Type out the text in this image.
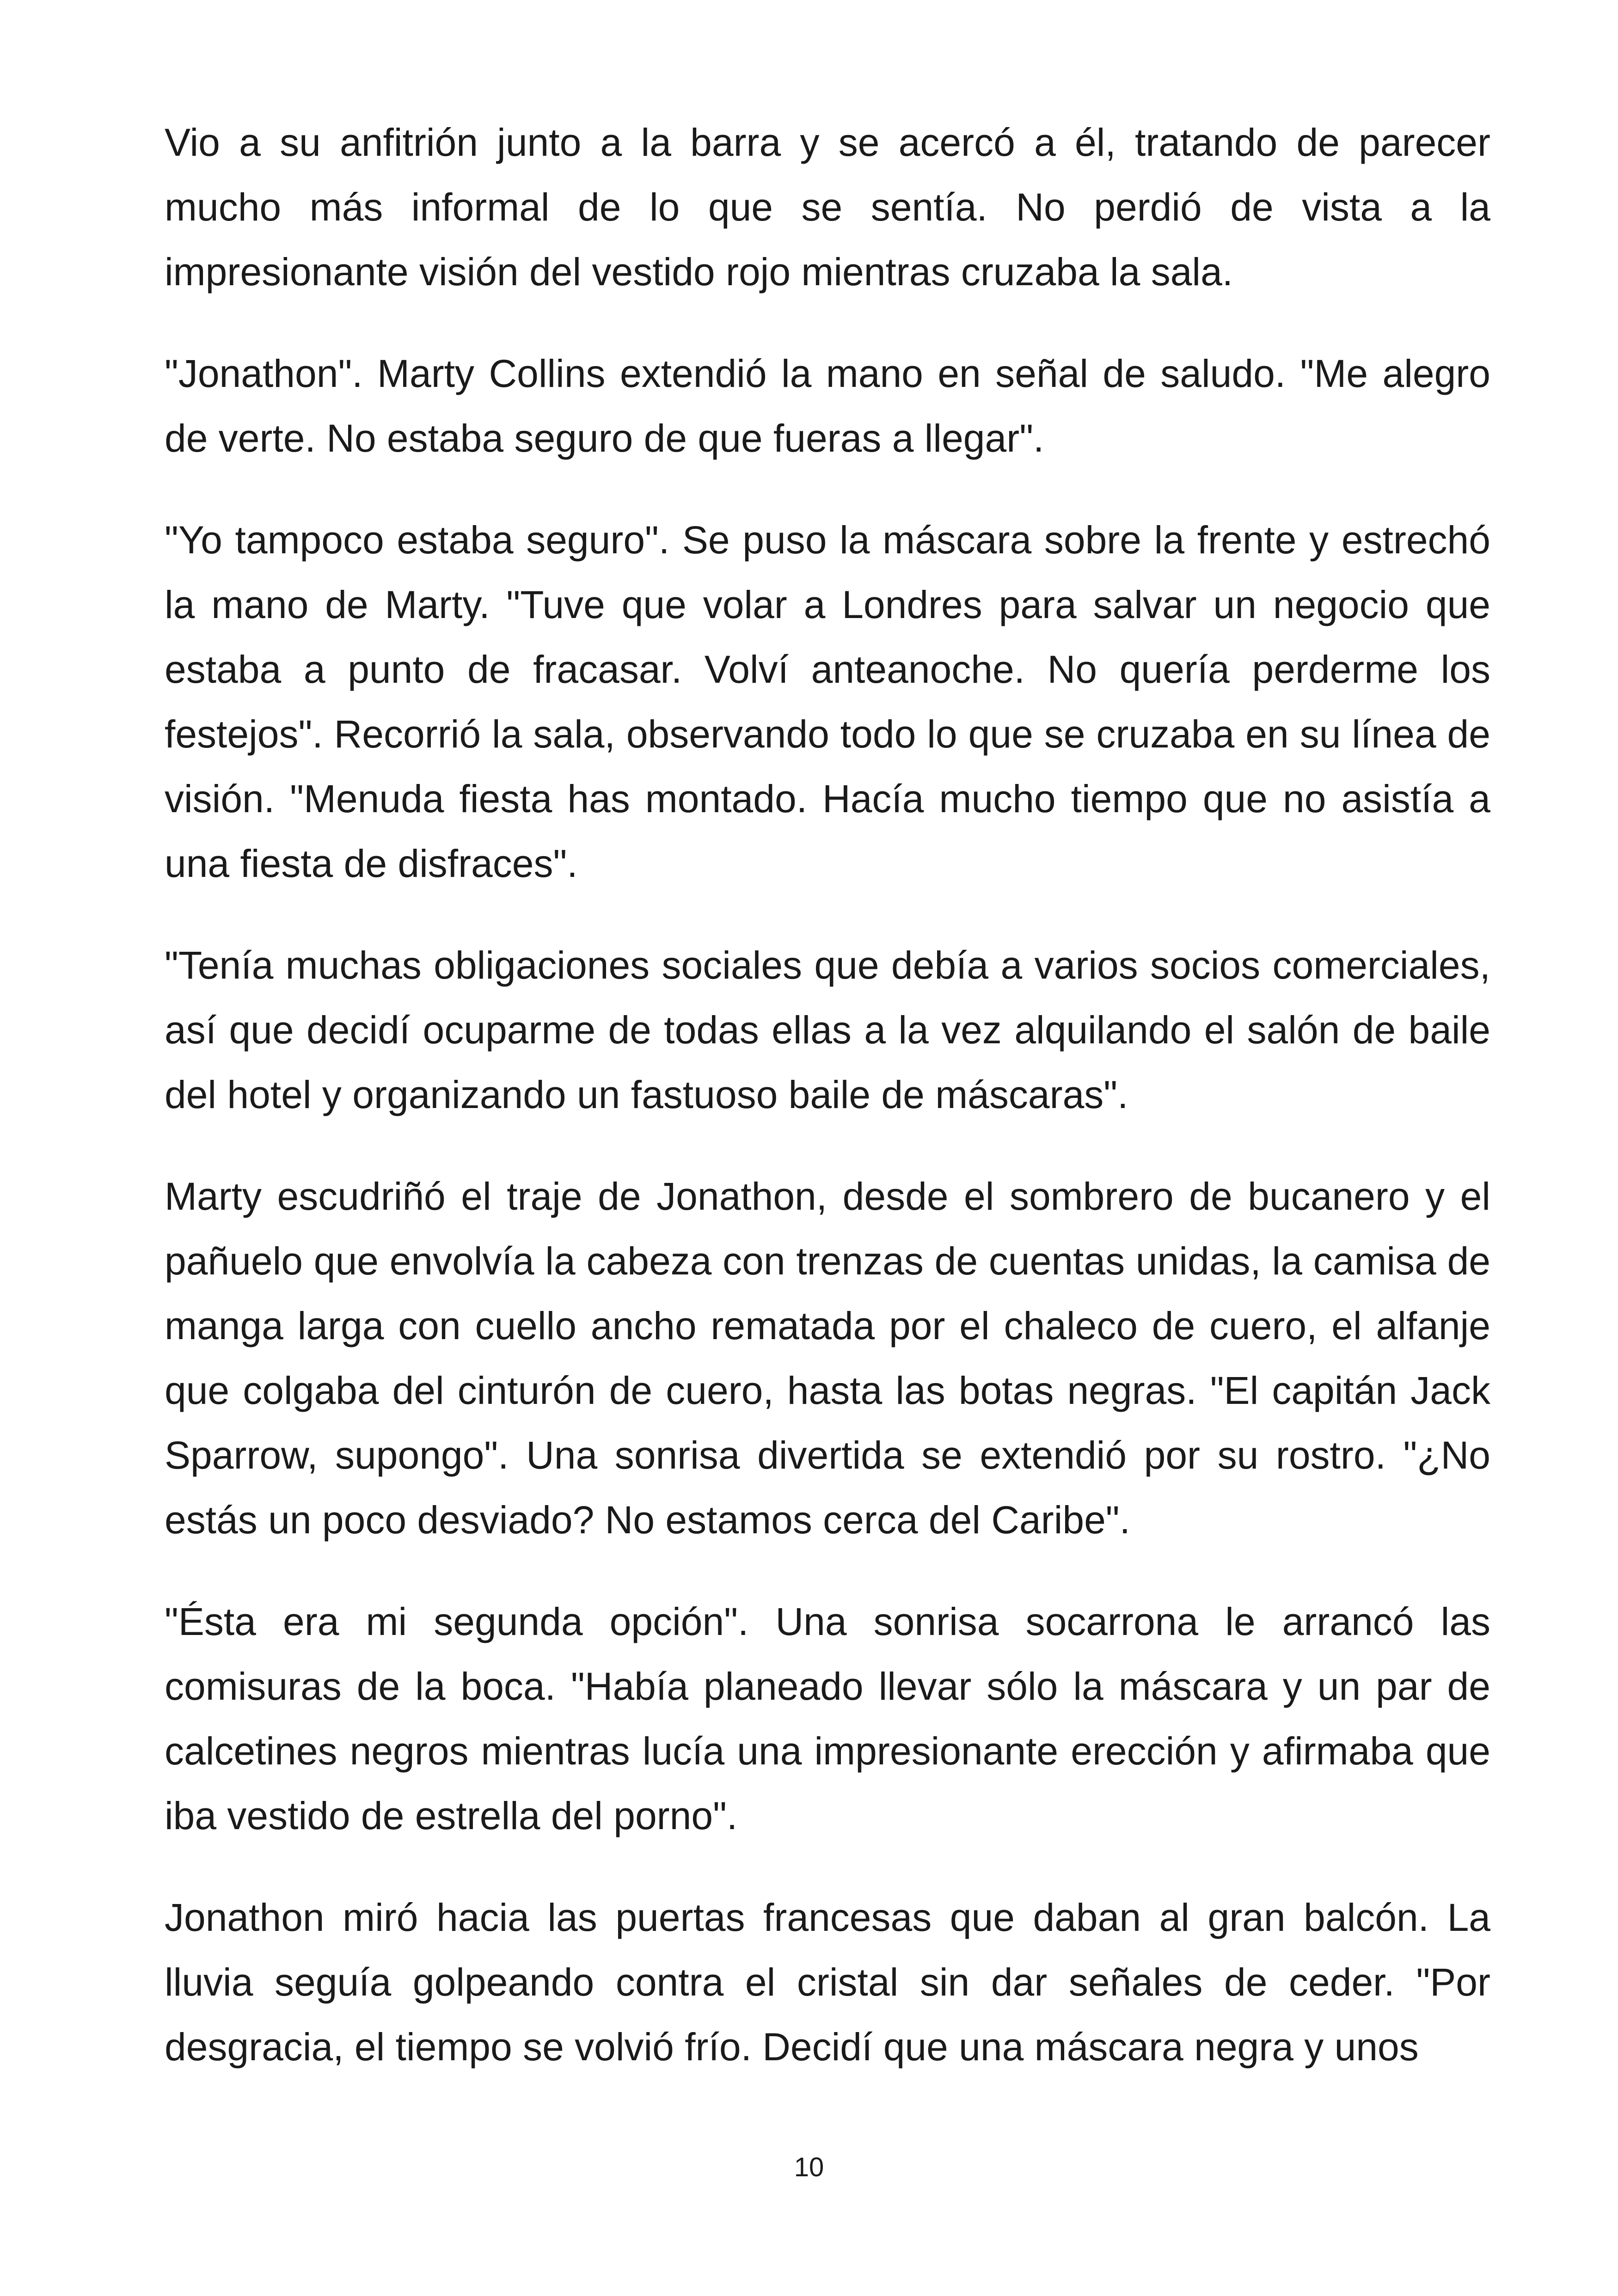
Vio a su anfitrión junto a la barra y se acercó a él, tratando de parecer mucho más informal de lo que se sentía. No perdió de vista a la impresionante visión del vestido rojo mientras cruzaba la sala.

"Jonathon". Marty Collins extendió la mano en señal de saludo. "Me alegro de verte. No estaba seguro de que fueras a llegar".

"Yo tampoco estaba seguro". Se puso la máscara sobre la frente y estrechó la mano de Marty. "Tuve que volar a Londres para salvar un negocio que estaba a punto de fracasar. Volví anteanoche. No quería perderme los festejos". Recorrió la sala, observando todo lo que se cruzaba en su línea de visión. "Menuda fiesta has montado. Hacía mucho tiempo que no asistía a una fiesta de disfraces".

"Tenía muchas obligaciones sociales que debía a varios socios comerciales, así que decidí ocuparme de todas ellas a la vez alquilando el salón de baile del hotel y organizando un fastuoso baile de máscaras".

Marty escudriñó el traje de Jonathon, desde el sombrero de bucanero y el pañuelo que envolvía la cabeza con trenzas de cuentas unidas, la camisa de manga larga con cuello ancho rematada por el chaleco de cuero, el alfanje que colgaba del cinturón de cuero, hasta las botas negras. "El capitán Jack Sparrow, supongo". Una sonrisa divertida se extendió por su rostro. "¿No estás un poco desviado? No estamos cerca del Caribe".

"Ésta era mi segunda opción". Una sonrisa socarrona le arrancó las comisuras de la boca. "Había planeado llevar sólo la máscara y un par de calcetines negros mientras lucía una impresionante erección y afirmaba que iba vestido de estrella del porno".

Jonathon miró hacia las puertas francesas que daban al gran balcón. La lluvia seguía golpeando contra el cristal sin dar señales de ceder. "Por desgracia, el tiempo se volvió frío. Decidí que una máscara negra y unos

10
